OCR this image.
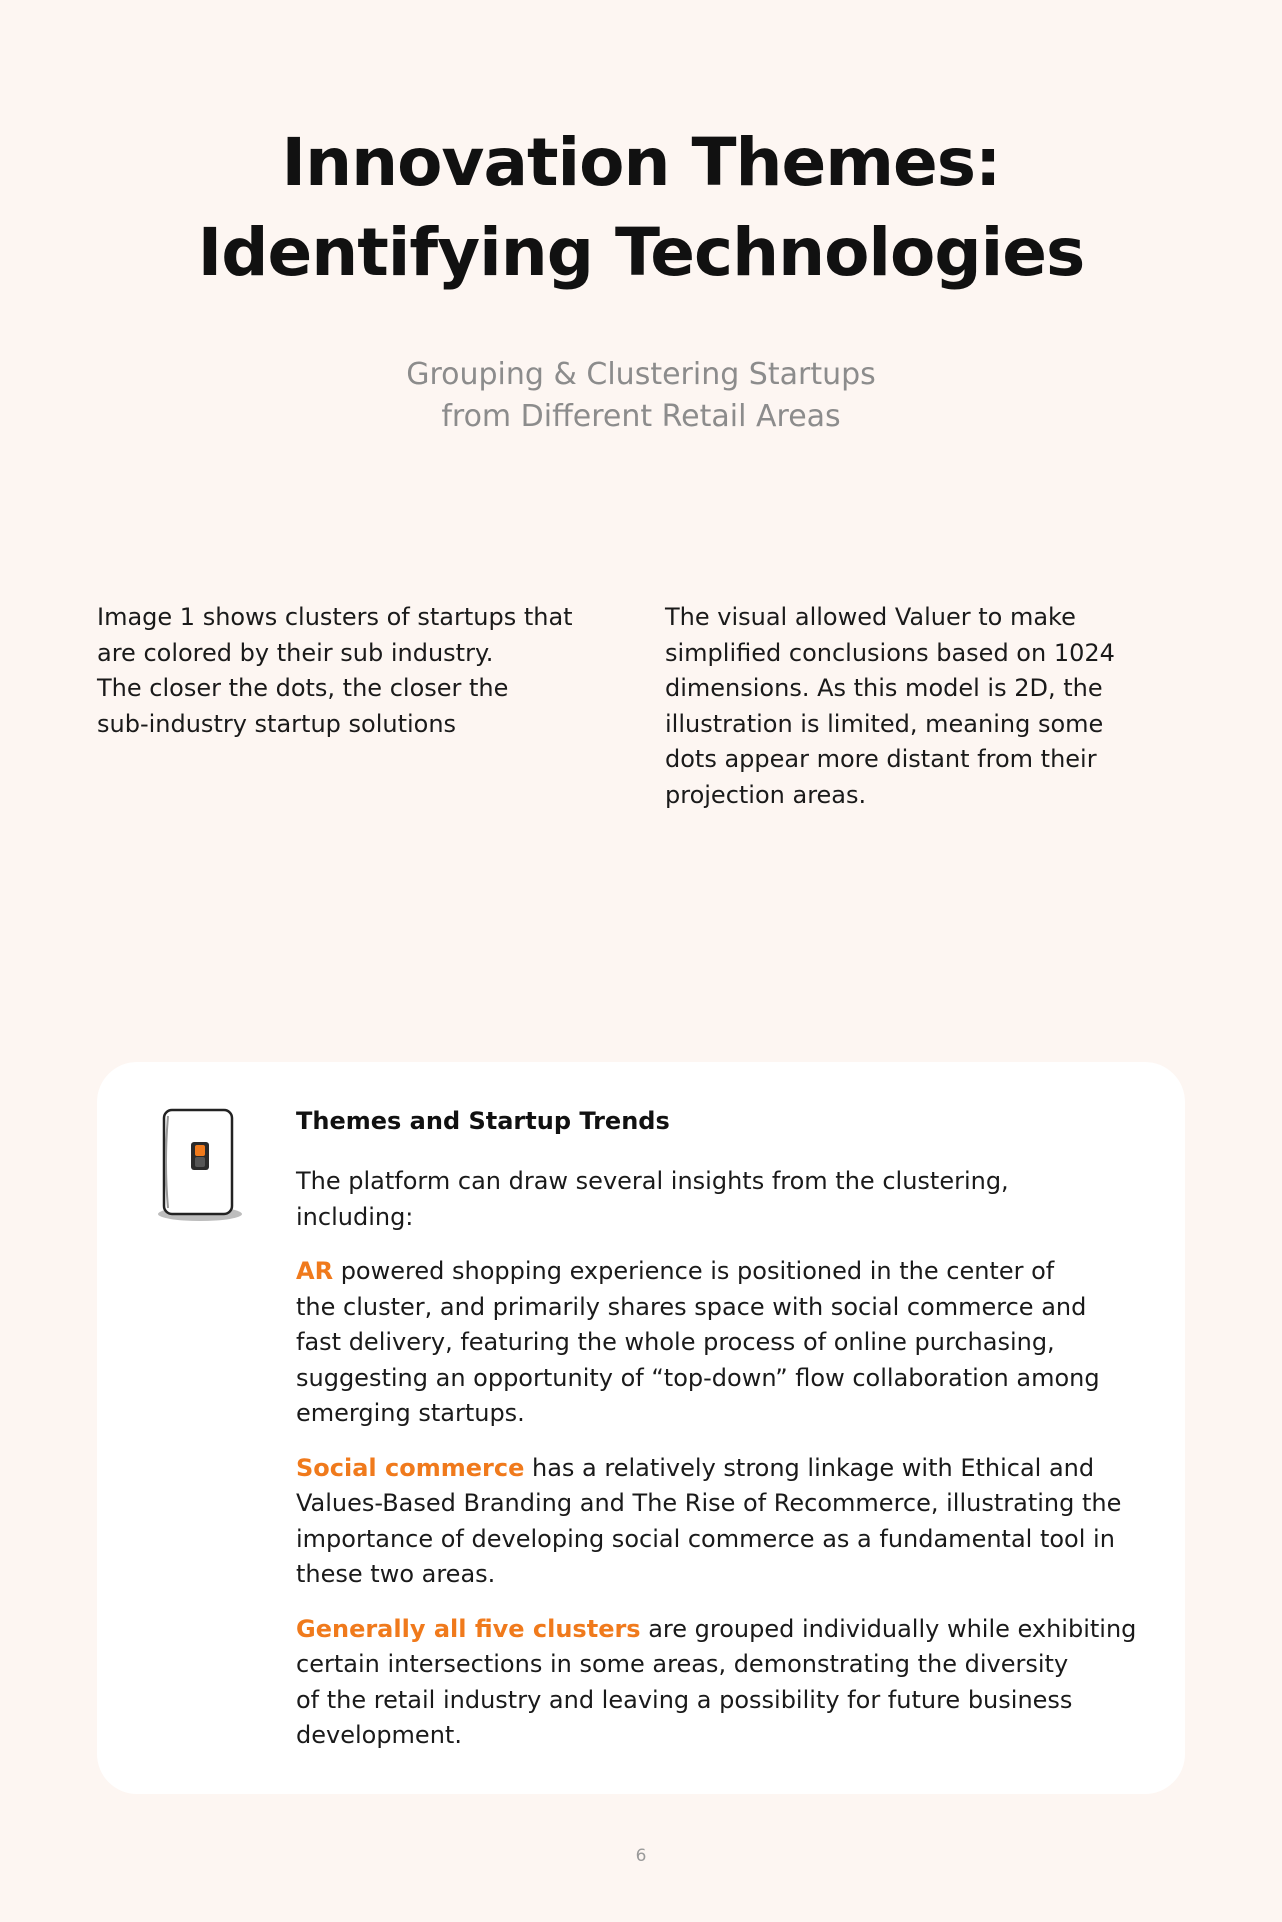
Innovation Themes:
Identifying Technologies

Grouping & Clustering Startups
from Different Retail Areas

Image 1 shows clusters of startups that
are colored by their sub industry.
The closer the dots, the closer the
sub-industry startup solutions

The visual allowed Valuer to make
simplified conclusions based on 1024
dimensions. As this model is 2D, the
illustration is limited, meaning some
dots appear more distant from their
projection areas.

Themes and Startup Trends

The platform can draw several insights from the clustering,
including:

AR powered shopping experience is positioned in the center of
the cluster, and primarily shares space with social commerce and
fast delivery, featuring the whole process of online purchasing,
suggesting an opportunity of “top-down” flow collaboration among
emerging startups.

Social commerce has a relatively strong linkage with Ethical and
Values-Based Branding and The Rise of Recommerce, illustrating the
importance of developing social commerce as a fundamental tool in
these two areas.

Generally all five clusters are grouped individually while exhibiting
certain intersections in some areas, demonstrating the diversity
of the retail industry and leaving a possibility for future business
development.

6
